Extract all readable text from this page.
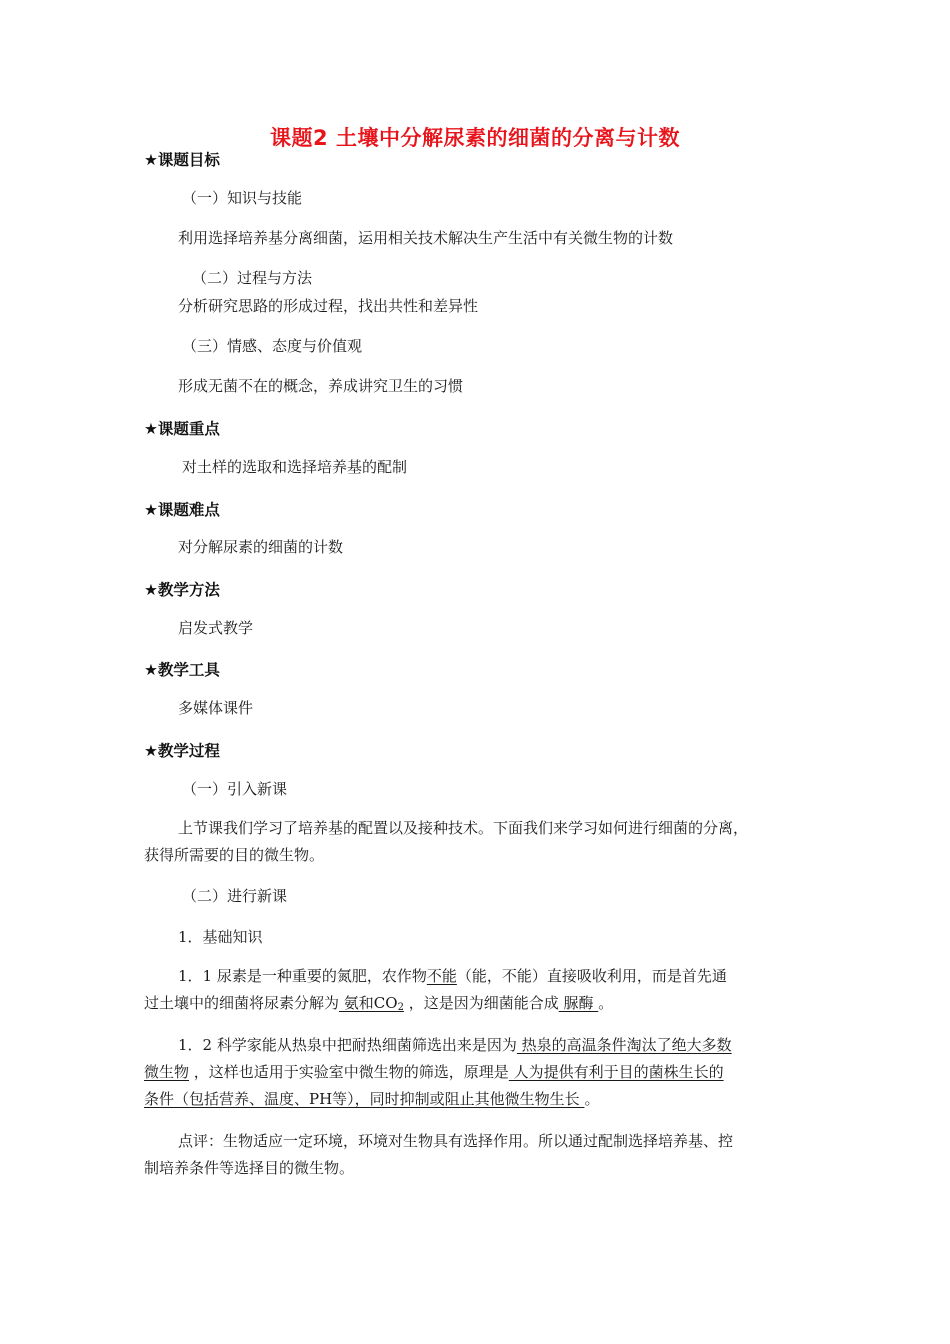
课题2 土壤中分解尿素的细菌的分离与计数
★课题目标
（一）知识与技能
利用选择培养基分离细菌，运用相关技术解决生产生活中有关微生物的计数
（二）过程与方法
分析研究思路的形成过程，找出共性和差异性
（三）情感、态度与价值观
形成无菌不在的概念，养成讲究卫生的习惯
★课题重点
对土样的选取和选择培养基的配制
★课题难点
对分解尿素的细菌的计数
★教学方法
启发式教学
★教学工具
多媒体课件
★教学过程
（一）引入新课
上节课我们学习了培养基的配置以及接种技术。下面我们来学习如何进行细菌的分离，
获得所需要的目的微生物。
（二）进行新课
1．基础知识
1．1 尿素是一种重要的氮肥，农作物不能（能，不能）直接吸收利用，而是首先通
过土壤中的细菌将尿素分解为 氨和$CO_2$ ，这是因为细菌能合成 脲酶 。
1．2 科学家能从热泉中把耐热细菌筛选出来是因为 热泉的高温条件淘汰了绝大多数
微生物 ，这样也适用于实验室中微生物的筛选，原理是 人为提供有利于目的菌株生长的
条件（包括营养、温度、PH等），同时抑制或阻止其他微生物生长 。
点评：生物适应一定环境，环境对生物具有选择作用。所以通过配制选择培养基、控
制培养条件等选择目的微生物。
